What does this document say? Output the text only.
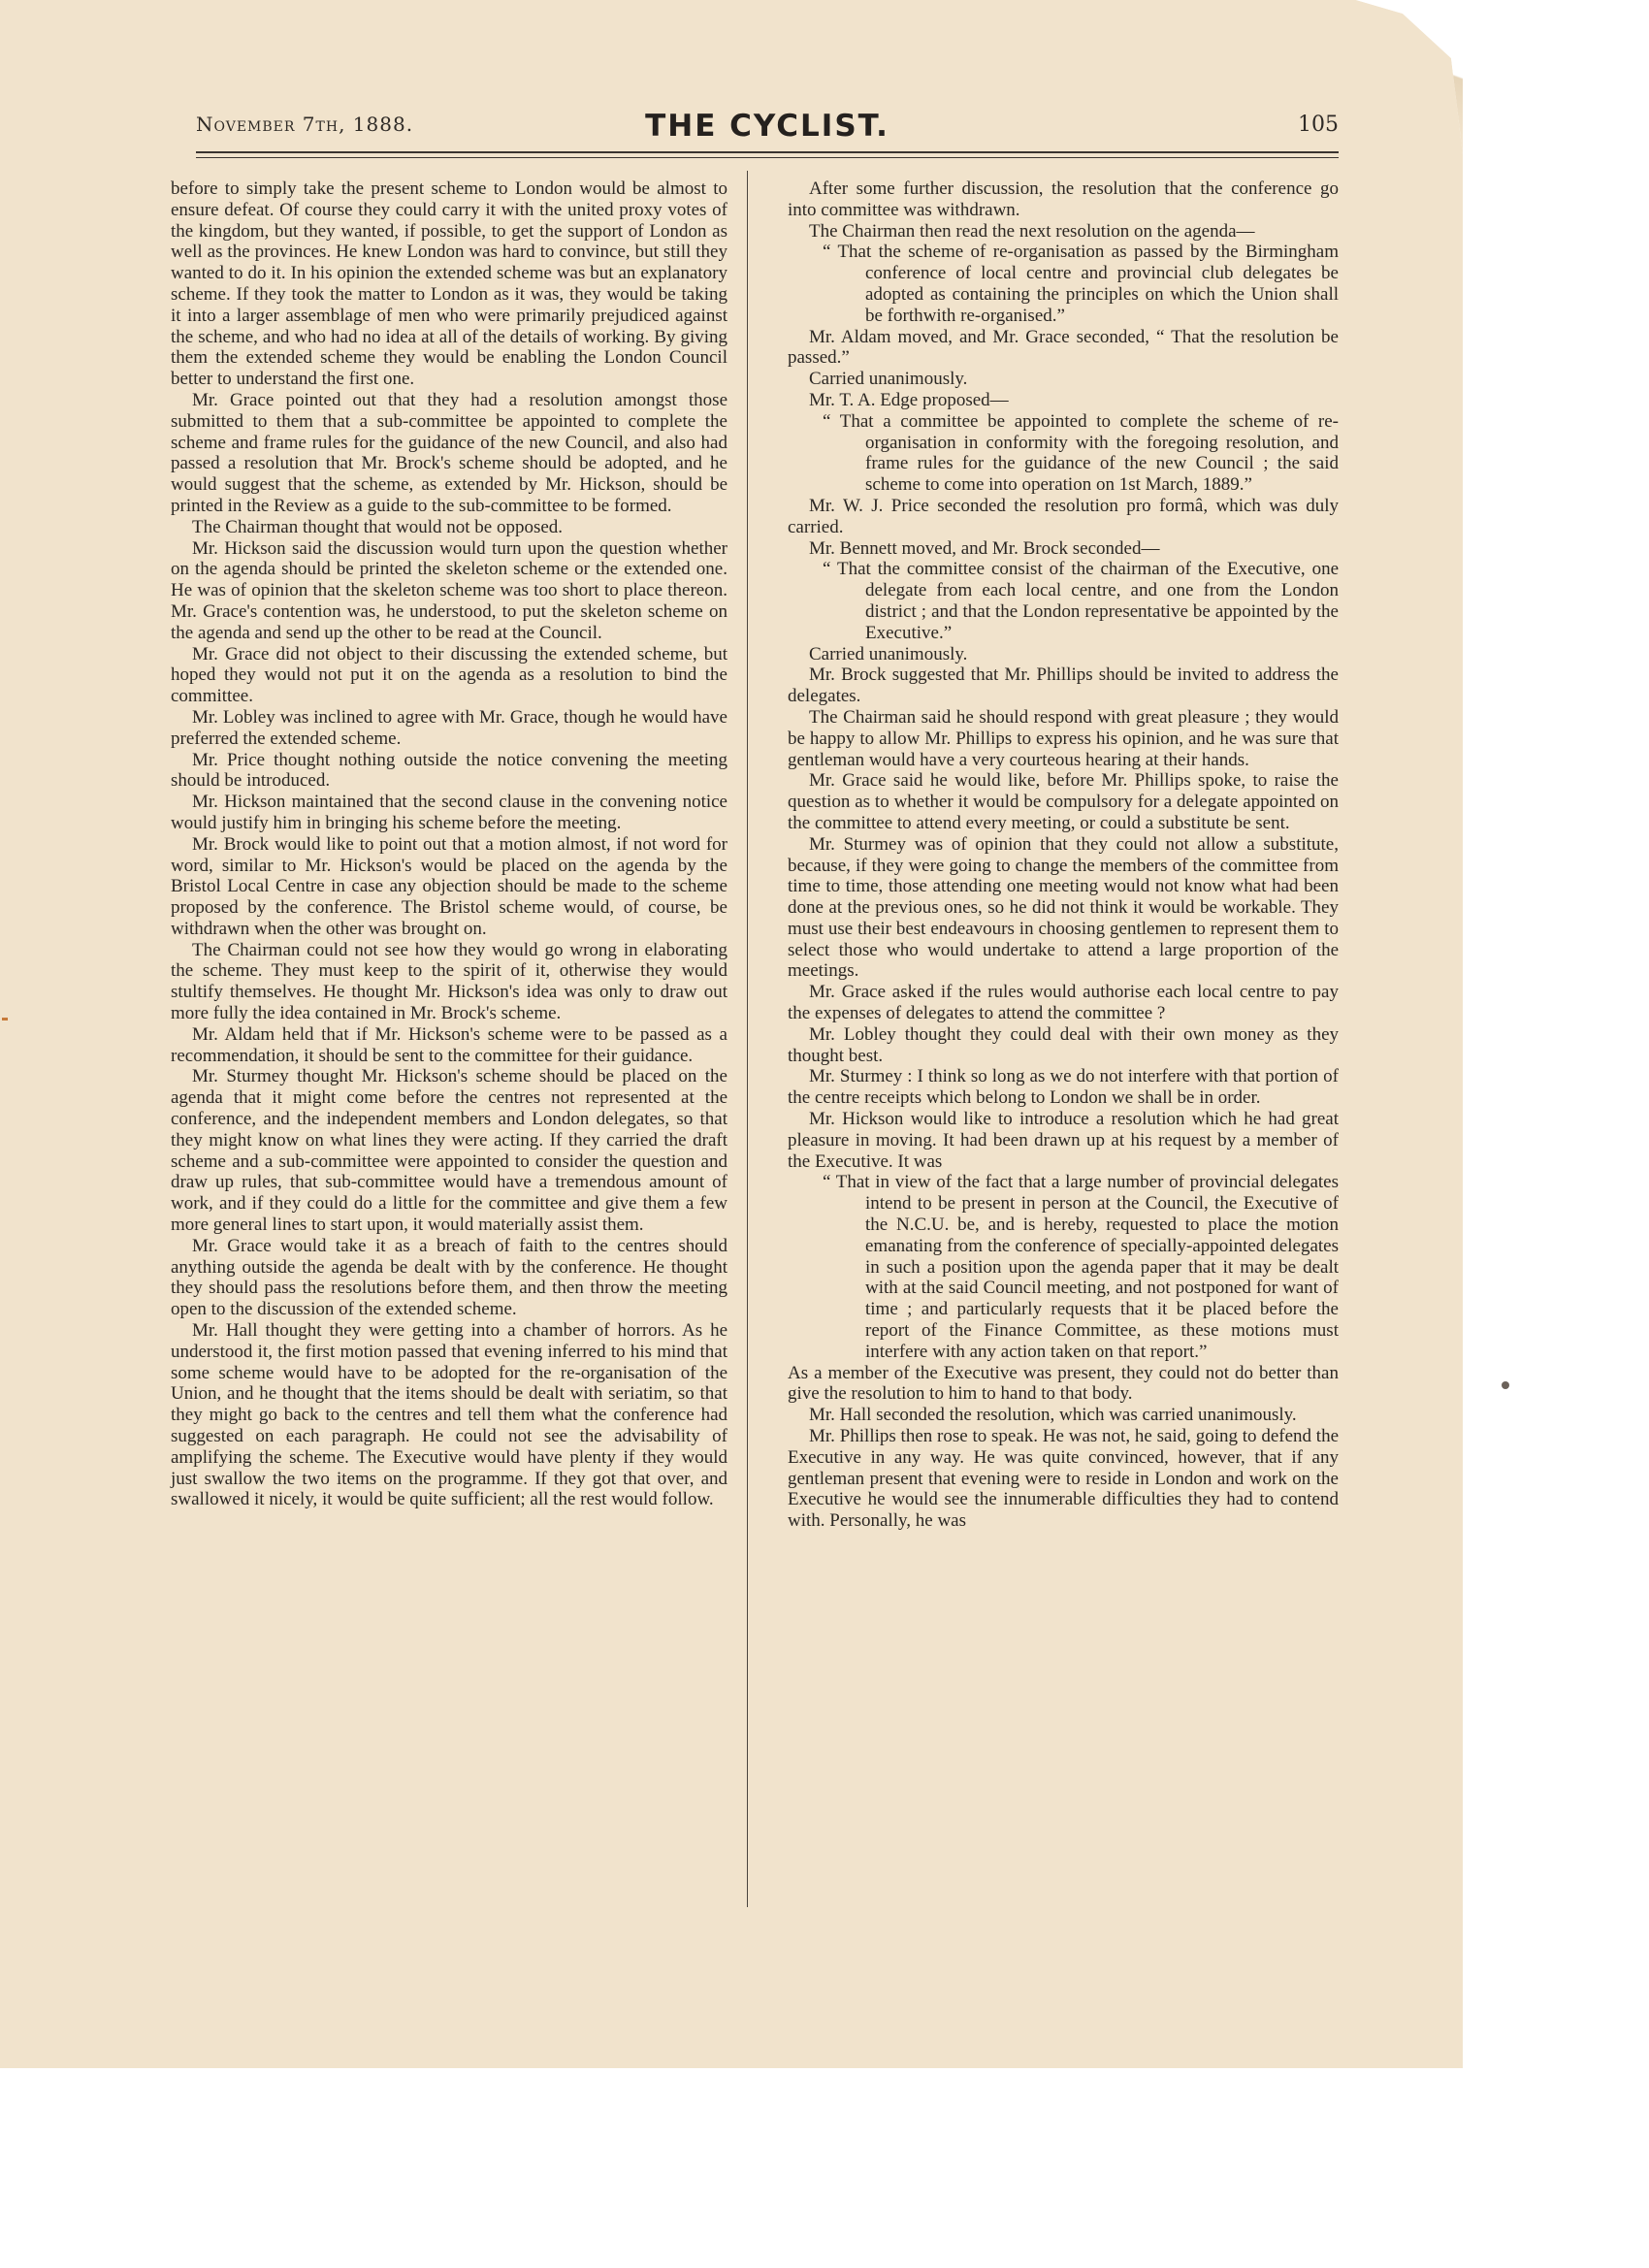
November 7th, 1888.	THE CYCLIST.	105

before to simply take the present scheme to London would be almost to ensure defeat. Of course they could carry it with the united proxy votes of the kingdom, but they wanted, if possible, to get the support of London as well as the provinces. He knew London was hard to convince, but still they wanted to do it. In his opinion the extended scheme was but an explanatory scheme. If they took the matter to London as it was, they would be taking it into a larger assemblage of men who were primarily prejudiced against the scheme, and who had no idea at all of the details of working. By giving them the extended scheme they would be enabling the London Council better to understand the first one.

Mr. Grace pointed out that they had a resolution amongst those submitted to them that a sub-committee be appointed to complete the scheme and frame rules for the guidance of the new Council, and also had passed a resolution that Mr. Brock's scheme should be adopted, and he would suggest that the scheme, as extended by Mr. Hickson, should be printed in the Review as a guide to the sub-committee to be formed.

The Chairman thought that would not be opposed.

Mr. Hickson said the discussion would turn upon the question whether on the agenda should be printed the skeleton scheme or the extended one. He was of opinion that the skeleton scheme was too short to place thereon. Mr. Grace's contention was, he understood, to put the skeleton scheme on the agenda and send up the other to be read at the Council.

Mr. Grace did not object to their discussing the extended scheme, but hoped they would not put it on the agenda as a resolution to bind the committee.

Mr. Lobley was inclined to agree with Mr. Grace, though he would have preferred the extended scheme.

Mr. Price thought nothing outside the notice convening the meeting should be introduced.

Mr. Hickson maintained that the second clause in the convening notice would justify him in bringing his scheme before the meeting.

Mr. Brock would like to point out that a motion almost, if not word for word, similar to Mr. Hickson's would be placed on the agenda by the Bristol Local Centre in case any objection should be made to the scheme proposed by the conference. The Bristol scheme would, of course, be withdrawn when the other was brought on.

The Chairman could not see how they would go wrong in elaborating the scheme. They must keep to the spirit of it, otherwise they would stultify themselves. He thought Mr. Hickson's idea was only to draw out more fully the idea contained in Mr. Brock's scheme.

Mr. Aldam held that if Mr. Hickson's scheme were to be passed as a recommendation, it should be sent to the committee for their guidance.

Mr. Sturmey thought Mr. Hickson's scheme should be placed on the agenda that it might come before the centres not represented at the conference, and the independent members and London delegates, so that they might know on what lines they were acting. If they carried the draft scheme and a sub-committee were appointed to consider the question and draw up rules, that sub-committee would have a tremendous amount of work, and if they could do a little for the committee and give them a few more general lines to start upon, it would materially assist them.

Mr. Grace would take it as a breach of faith to the centres should anything outside the agenda be dealt with by the conference. He thought they should pass the resolutions before them, and then throw the meeting open to the discussion of the extended scheme.

Mr. Hall thought they were getting into a chamber of horrors. As he understood it, the first motion passed that evening inferred to his mind that some scheme would have to be adopted for the re-organisation of the Union, and he thought that the items should be dealt with seriatim, so that they might go back to the centres and tell them what the conference had suggested on each paragraph. He could not see the advisability of amplifying the scheme. The Executive would have plenty if they would just swallow the two items on the programme. If they got that over, and swallowed it nicely, it would be quite sufficient; all the rest would follow.

After some further discussion, the resolution that the conference go into committee was withdrawn.

The Chairman then read the next resolution on the agenda—

“ That the scheme of re-organisation as passed by the Birmingham conference of local centre and provincial club delegates be adopted as containing the principles on which the Union shall be forthwith re-organised.”

Mr. Aldam moved, and Mr. Grace seconded, “ That the resolution be passed.”

Carried unanimously.

Mr. T. A. Edge proposed—

“ That a committee be appointed to complete the scheme of re-organisation in conformity with the foregoing resolution, and frame rules for the guidance of the new Council ; the said scheme to come into operation on 1st March, 1889.”

Mr. W. J. Price seconded the resolution pro formâ, which was duly carried.

Mr. Bennett moved, and Mr. Brock seconded—

“ That the committee consist of the chairman of the Executive, one delegate from each local centre, and one from the London district ; and that the London representative be appointed by the Executive.”

Carried unanimously.

Mr. Brock suggested that Mr. Phillips should be invited to address the delegates.

The Chairman said he should respond with great pleasure ; they would be happy to allow Mr. Phillips to express his opinion, and he was sure that gentleman would have a very courteous hearing at their hands.

Mr. Grace said he would like, before Mr. Phillips spoke, to raise the question as to whether it would be compulsory for a delegate appointed on the committee to attend every meeting, or could a substitute be sent.

Mr. Sturmey was of opinion that they could not allow a substitute, because, if they were going to change the members of the committee from time to time, those attending one meeting would not know what had been done at the previous ones, so he did not think it would be workable. They must use their best endeavours in choosing gentlemen to represent them to select those who would undertake to attend a large proportion of the meetings.

Mr. Grace asked if the rules would authorise each local centre to pay the expenses of delegates to attend the committee ?

Mr. Lobley thought they could deal with their own money as they thought best.

Mr. Sturmey : I think so long as we do not interfere with that portion of the centre receipts which belong to London we shall be in order.

Mr. Hickson would like to introduce a resolution which he had great pleasure in moving. It had been drawn up at his request by a member of the Executive. It was

“ That in view of the fact that a large number of provincial delegates intend to be present in person at the Council, the Executive of the N.C.U. be, and is hereby, requested to place the motion emanating from the conference of specially-appointed delegates in such a position upon the agenda paper that it may be dealt with at the said Council meeting, and not postponed for want of time ; and particularly requests that it be placed before the report of the Finance Committee, as these motions must interfere with any action taken on that report.”

As a member of the Executive was present, they could not do better than give the resolution to him to hand to that body.

Mr. Hall seconded the resolution, which was carried unanimously.

Mr. Phillips then rose to speak. He was not, he said, going to defend the Executive in any way. He was quite convinced, however, that if any gentleman present that evening were to reside in London and work on the Executive he would see the innumerable difficulties they had to contend with. Personally, he was
